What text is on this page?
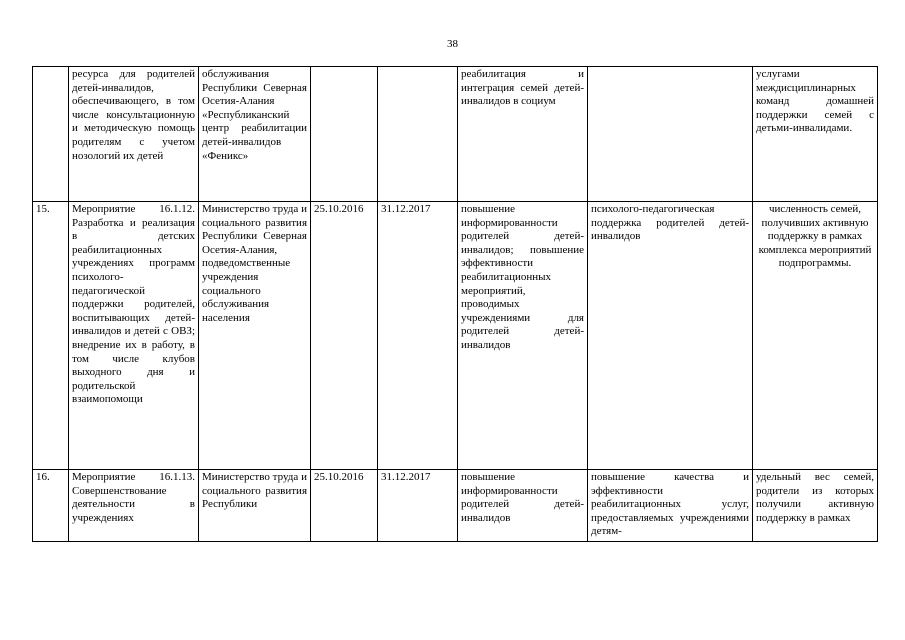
38
	ресурса для родителей детей-инвалидов, обеспечивающего, в том числе консультационную и методическую помощь родителям с учетом нозологий их детей	обслуживания Республики Северная Осетия-Алания «Республиканский центр реабилитации детей-инвалидов «Феникс»			реабилитация и интеграция семей детей-инвалидов в социум		услугами междисциплинарных команд домашней поддержки семей с детьми-инвалидами.
15.	Мероприятие 16.1.12. Разработка и реализация в детских реабилитационных учреждениях программ психолого-педагогической поддержки родителей, воспитывающих детей-инвалидов и детей с ОВЗ; внедрение их в работу, в том числе клубов выходного дня и родительской взаимопомощи	Министерство труда и социального развития Республики Северная Осетия-Алания, подведомственные учреждения социального обслуживания населения	25.10.2016	31.12.2017	повышение информированности родителей детей-инвалидов; повышение эффективности реабилитационных мероприятий, проводимых учреждениями для родителей детей-инвалидов	психолого-педагогическая поддержка родителей детей-инвалидов	численность семей, получивших активную поддержку в рамках комплекса мероприятий подпрограммы.
16.	Мероприятие 16.1.13. Совершенствование деятельности в учреждениях	Министерство труда и социального развития Республики	25.10.2016	31.12.2017	повышение информированности родителей детей-инвалидов	повышение качества и эффективности реабилитационных услуг, предоставляемых учреждениями детям-	удельный вес семей, родители из которых получили активную поддержку в рамках
